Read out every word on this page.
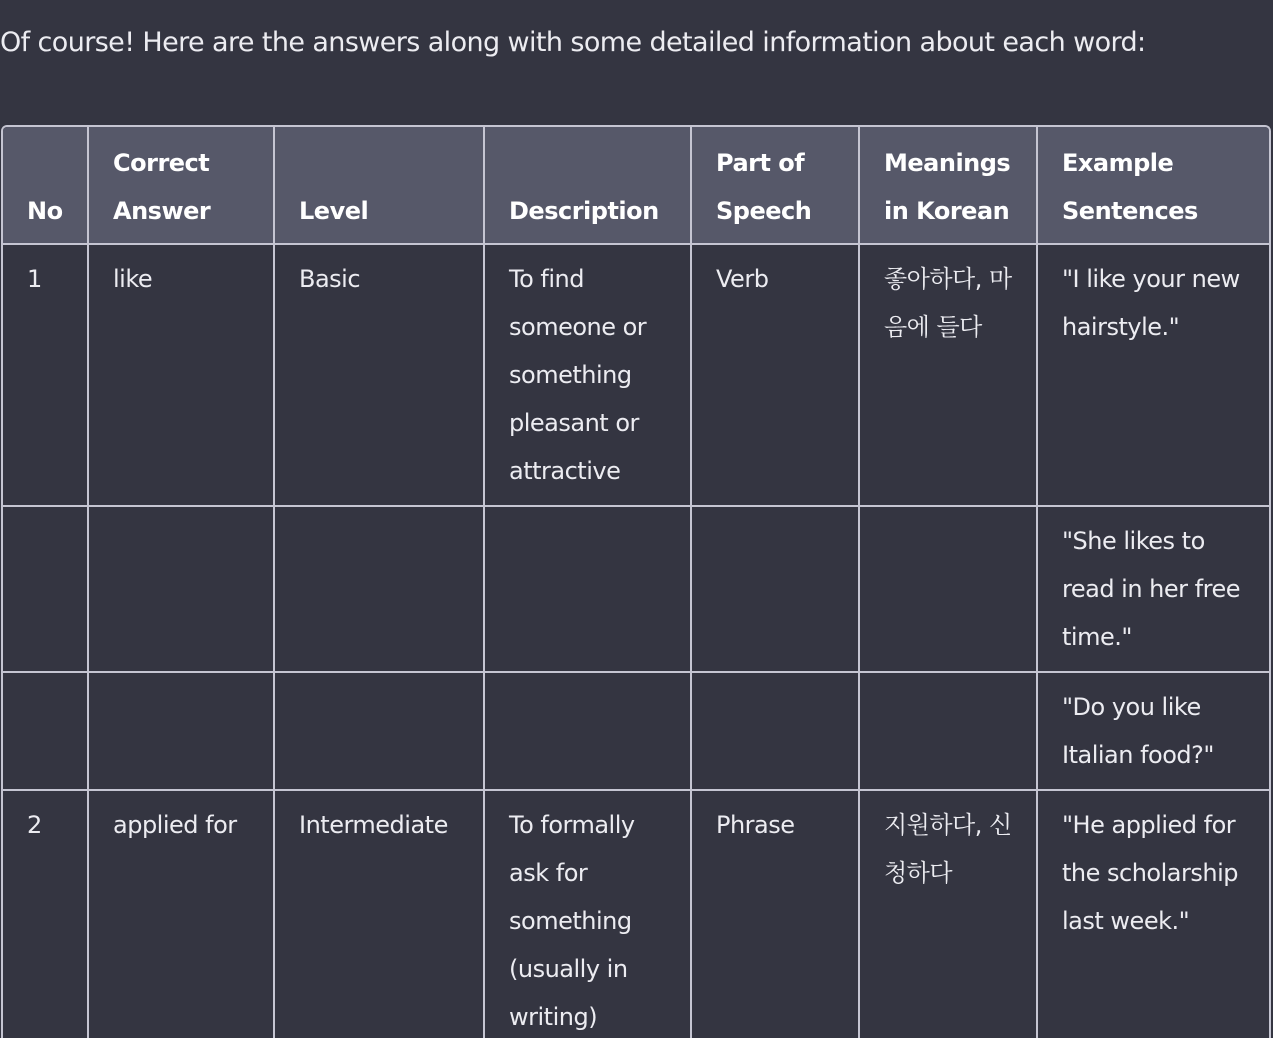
Of course! Here are the answers along with some detailed information about each word:
No	Correct Answer	Level	Description	Part of Speech	Meanings in Korean	Example Sentences
1	like	Basic	To find someone or something pleasant or attractive	Verb	좋아하다, 마음에 들다	"I like your new hairstyle."
						"She likes to read in her free time."
						"Do you like Italian food?"
2	applied for	Intermediate	To formally ask for something (usually in writing)	Phrase	지원하다, 신청하다	"He applied for the scholarship last week."
